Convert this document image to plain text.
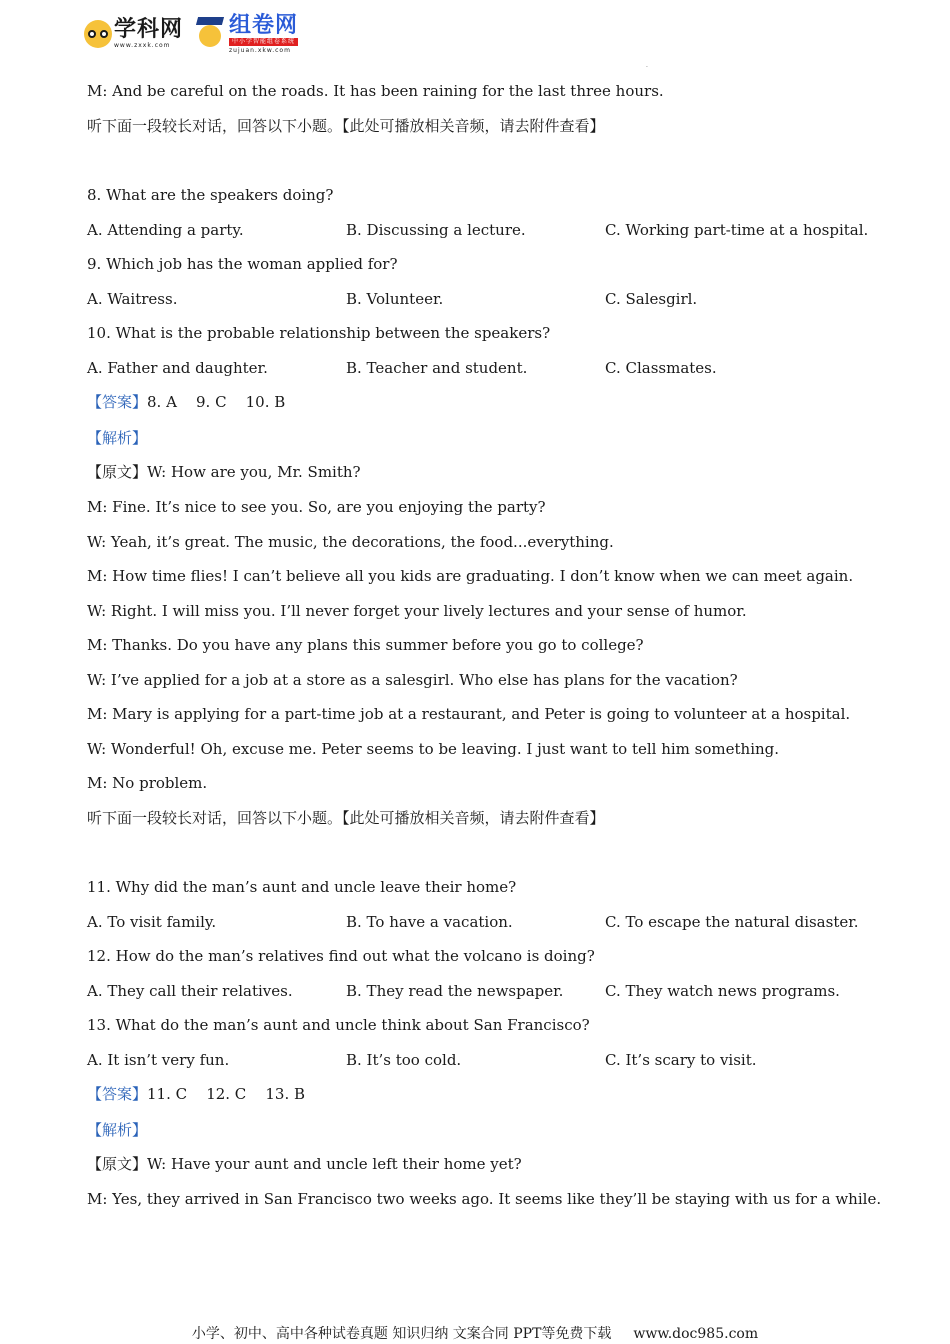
学科网
www.zxxk.com
组卷网
中小学智能组卷系统
zujuan.xkw.com
.
M: And be careful on the roads. It has been raining for the last three hours.
听下面一段较长对话，回答以下小题。【此处可播放相关音频，请去附件查看】
8. What are the speakers doing?
A. Attending a party.	B. Discussing a lecture.	C. Working part-time at a hospital.
9. Which job has the woman applied for?
A. Waitress.	B. Volunteer.	C. Salesgirl.
10. What is the probable relationship between the speakers?
A. Father and daughter.	B. Teacher and student.	C. Classmates.
【答案】8. A    9. C    10. B
【解析】
【原文】W: How are you, Mr. Smith?
M: Fine. It’s nice to see you. So, are you enjoying the party?
W: Yeah, it’s great. The music, the decorations, the food...everything.
M: How time flies! I can’t believe all you kids are graduating. I don’t know when we can meet again.
W: Right. I will miss you. I’ll never forget your lively lectures and your sense of humor.
M: Thanks. Do you have any plans this summer before you go to college?
W: I’ve applied for a job at a store as a salesgirl. Who else has plans for the vacation?
M: Mary is applying for a part-time job at a restaurant, and Peter is going to volunteer at a hospital.
W: Wonderful! Oh, excuse me. Peter seems to be leaving. I just want to tell him something.
M: No problem.
听下面一段较长对话，回答以下小题。【此处可播放相关音频，请去附件查看】
11. Why did the man’s aunt and uncle leave their home?
A. To visit family.	B. To have a vacation.	C. To escape the natural disaster.
12. How do the man’s relatives find out what the volcano is doing?
A. They call their relatives.	B. They read the newspaper.	C. They watch news programs.
13. What do the man’s aunt and uncle think about San Francisco?
A. It isn’t very fun.	B. It’s too cold.	C. It’s scary to visit.
【答案】11. C    12. C    13. B
【解析】
【原文】W: Have your aunt and uncle left their home yet?
M: Yes, they arrived in San Francisco two weeks ago. It seems like they’ll be staying with us for a while.
小学、初中、高中各种试卷真题 知识归纳 文案合同 PPT等免费下载 www.doc985.com
